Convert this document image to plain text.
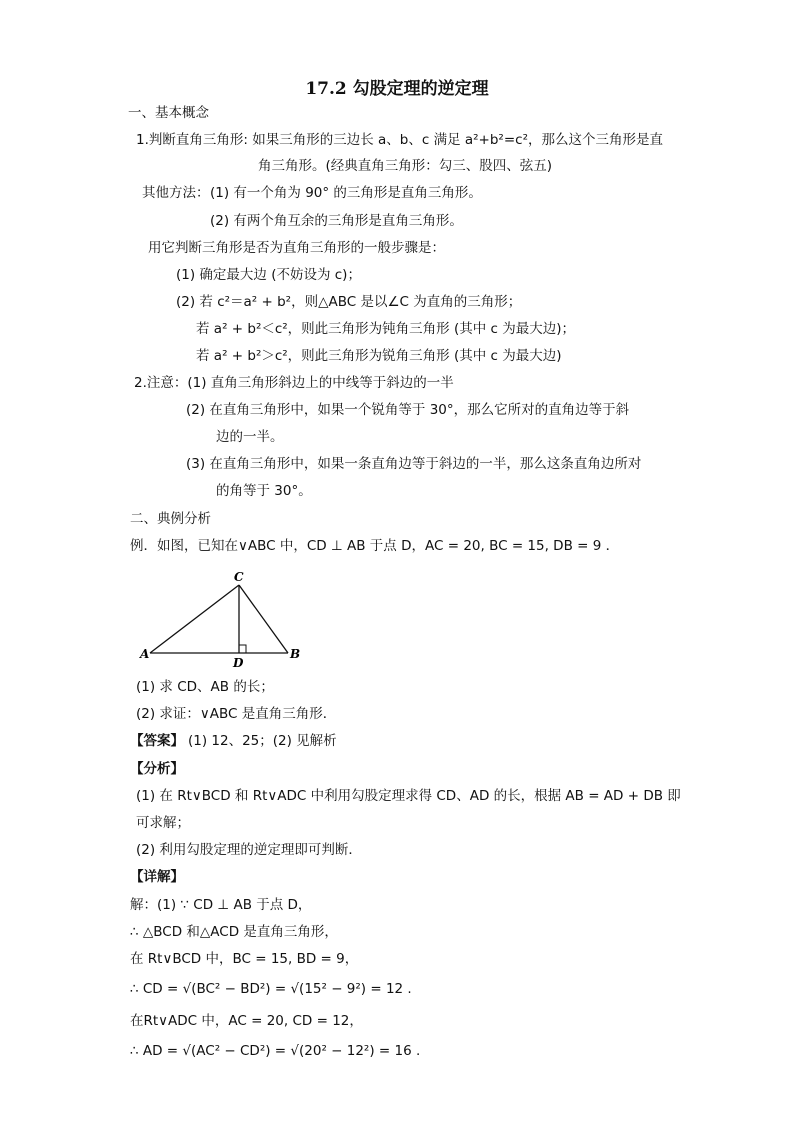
17.2 勾股定理的逆定理
一、基本概念
1.判断直角三角形: 如果三角形的三边长 a、b、c 满足 a²+b²=c²，那么这个三角形是直
角三角形。(经典直角三角形：勾三、股四、弦五)
其他方法： (1) 有一个角为 90° 的三角形是直角三角形。
(2) 有两个角互余的三角形是直角三角形。
用它判断三角形是否为直角三角形的一般步骤是：
(1) 确定最大边 (不妨设为 c)；
(2) 若 c²＝a² + b²，则△ABC 是以∠C 为直角的三角形；
若 a² + b²＜c²，则此三角形为钝角三角形 (其中 c 为最大边)；
若 a² + b²＞c²，则此三角形为锐角三角形 (其中 c 为最大边)
2.注意：(1) 直角三角形斜边上的中线等于斜边的一半
(2) 在直角三角形中，如果一个锐角等于 30°，那么它所对的直角边等于斜
边的一半。
(3) 在直角三角形中，如果一条直角边等于斜边的一半，那么这条直角边所对
的角等于 30°。
二、典例分析
例．如图，已知在∨ABC 中，CD ⊥ AB 于点 D，AC = 20, BC = 15, DB = 9 ．
C
A	B
D
(1) 求 CD、AB 的长；
(2) 求证：∨ABC 是直角三角形．
【答案】 (1) 12、25；(2) 见解析
【分析】
(1) 在 Rt∨BCD 和 Rt∨ADC 中利用勾股定理求得 CD、AD 的长，根据 AB = AD + DB 即
可求解；
(2) 利用勾股定理的逆定理即可判断．
【详解】
解：(1) ∵ CD ⊥ AB 于点 D，
∴ △BCD 和△ACD 是直角三角形，
在 Rt∨BCD 中，BC = 15, BD = 9，
∴ CD = √(BC² − BD²) = √(15² − 9²) = 12 .
在Rt∨ADC 中，AC = 20, CD = 12，
∴ AD = √(AC² − CD²) = √(20² − 12²) = 16 .
